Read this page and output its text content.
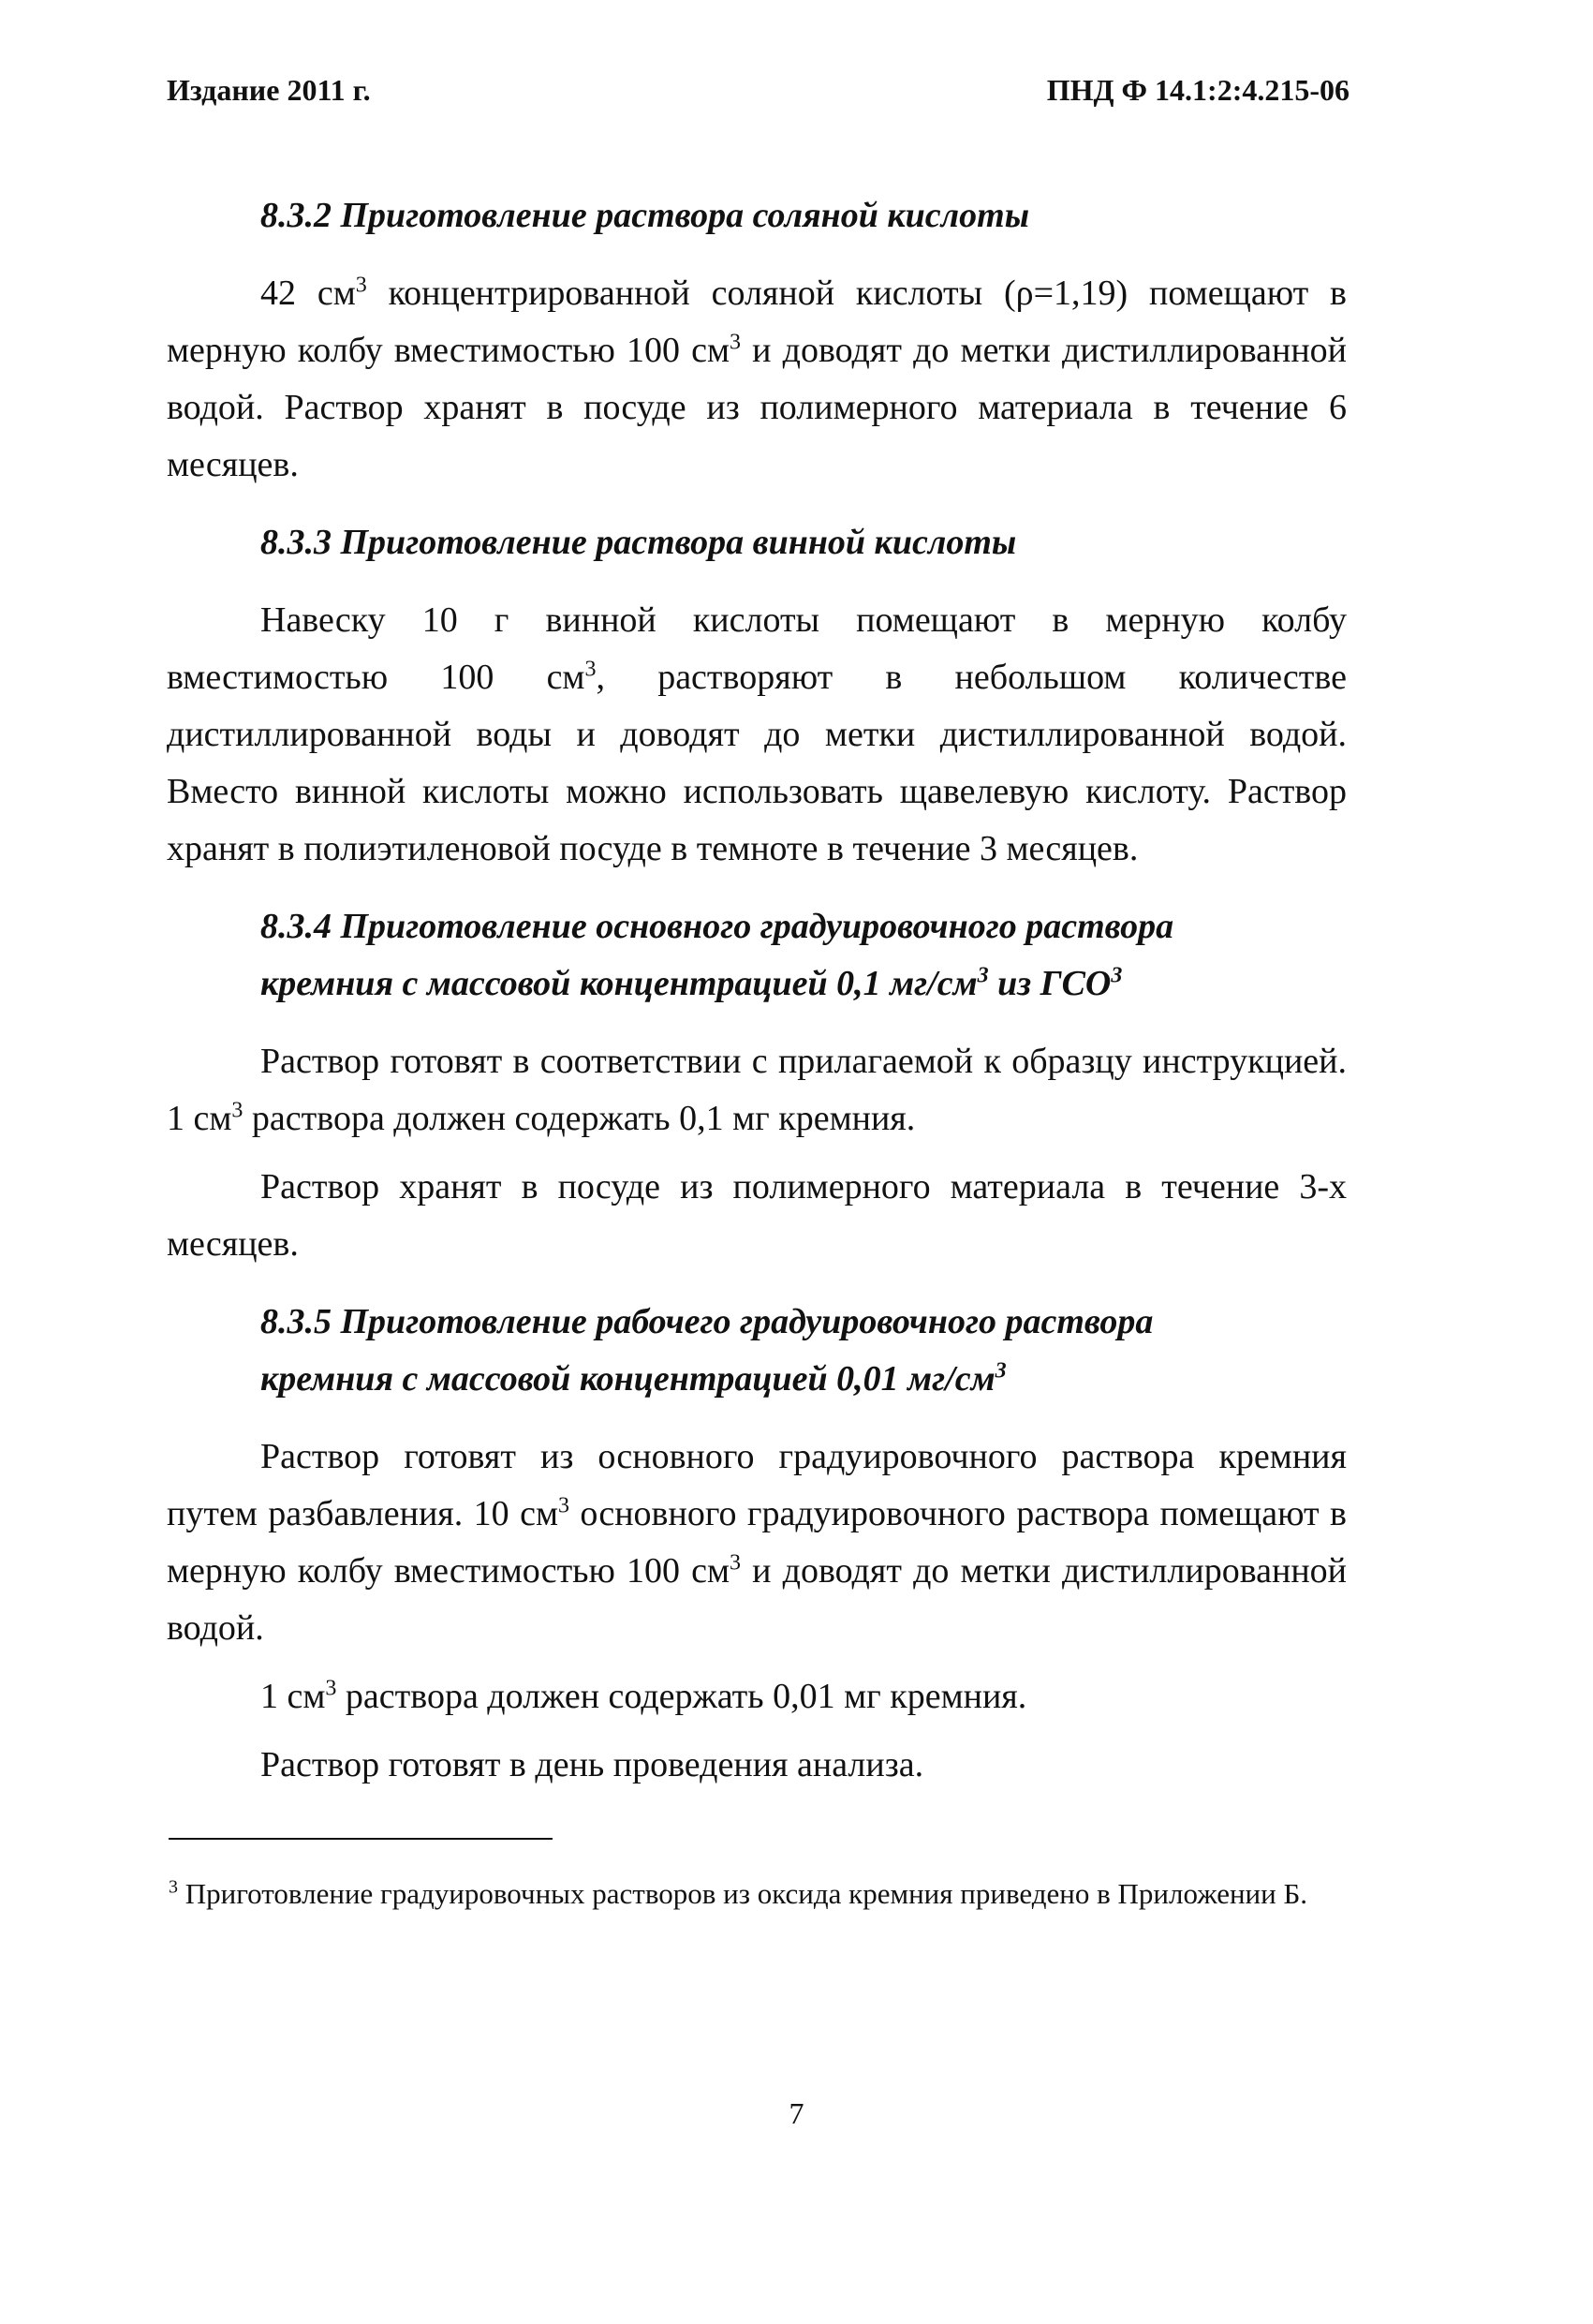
Издание 2011 г.	ПНД Ф 14.1:2:4.215-06
8.3.2 Приготовление раствора соляной кислоты
42 $см^3$ концентрированной соляной кислоты (ρ=1,19) помещают в мерную колбу вместимостью 100 $см^3$ и доводят до метки дистиллированной водой. Раствор хранят в посуде из полимерного материала в течение 6 месяцев.
8.3.3 Приготовление раствора винной кислоты
Навеску 10 г винной кислоты помещают в мерную колбу вместимостью 100 $см^3$, растворяют в небольшом количестве дистиллированной воды и доводят до метки дистиллированной водой. Вместо винной кислоты можно использовать щавелевую кислоту. Раствор хранят в полиэтиленовой посуде в темноте в течение 3 месяцев.
8.3.4 Приготовление основного градуировочного раствора
кремния с массовой концентрацией 0,1 $мг/см^3$ из ГСО$^3$
Раствор готовят в соответствии с прилагаемой к образцу инструкцией. 1 $см^3$ раствора должен содержать 0,1 мг кремния.
Раствор хранят в посуде из полимерного материала в течение 3-х месяцев.
8.3.5 Приготовление рабочего градуировочного раствора
кремния с массовой концентрацией 0,01 $мг/см^3$
Раствор готовят из основного градуировочного раствора кремния путем разбавления. 10 $см^3$ основного градуировочного раствора помещают в мерную колбу вместимостью 100 $см^3$ и доводят до метки дистиллированной водой.
1 $см^3$ раствора должен содержать 0,01 мг кремния.
Раствор готовят в день проведения анализа.
$^3$ Приготовление градуировочных растворов из оксида кремния приведено в Приложении Б.
7
